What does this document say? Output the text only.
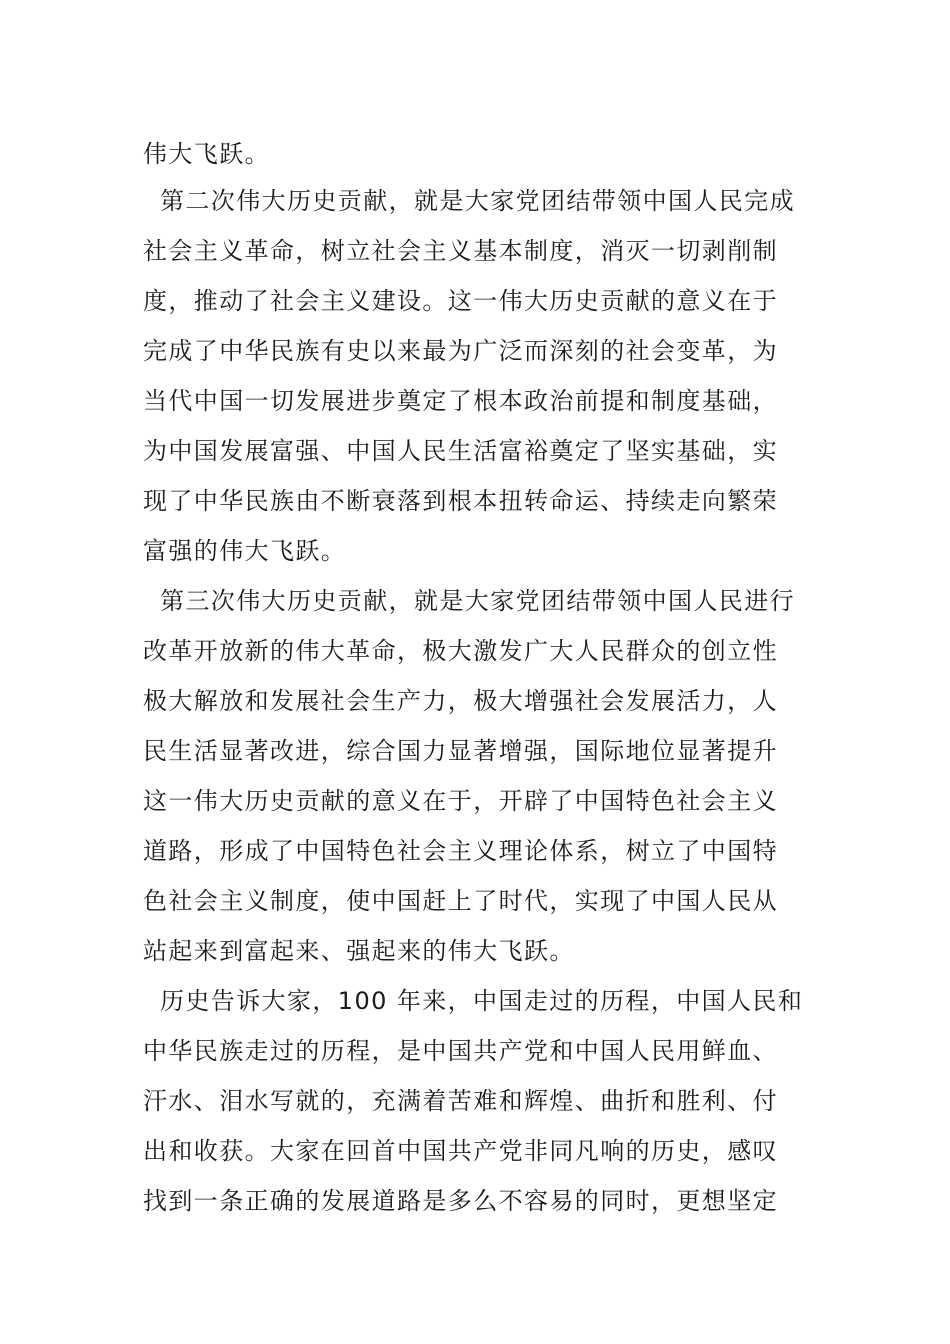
伟大飞跃。
第二次伟大历史贡献，就是大家党团结带领中国人民完成
社会主义革命，树立社会主义基本制度，消灭一切剥削制
度，推动了社会主义建设。这一伟大历史贡献的意义在于
完成了中华民族有史以来最为广泛而深刻的社会变革，为
当代中国一切发展进步奠定了根本政治前提和制度基础，
为中国发展富强、中国人民生活富裕奠定了坚实基础，实
现了中华民族由不断衰落到根本扭转命运、持续走向繁荣
富强的伟大飞跃。
第三次伟大历史贡献，就是大家党团结带领中国人民进行
改革开放新的伟大革命，极大激发广大人民群众的创立性
极大解放和发展社会生产力，极大增强社会发展活力，人
民生活显著改进，综合国力显著增强，国际地位显著提升
这一伟大历史贡献的意义在于，开辟了中国特色社会主义
道路，形成了中国特色社会主义理论体系，树立了中国特
色社会主义制度，使中国赶上了时代，实现了中国人民从
站起来到富起来、强起来的伟大飞跃。
历史告诉大家，100 年来，中国走过的历程，中国人民和
中华民族走过的历程，是中国共产党和中国人民用鲜血、
汗水、泪水写就的，充满着苦难和辉煌、曲折和胜利、付
出和收获。大家在回首中国共产党非同凡响的历史，感叹
找到一条正确的发展道路是多么不容易的同时，更想坚定
